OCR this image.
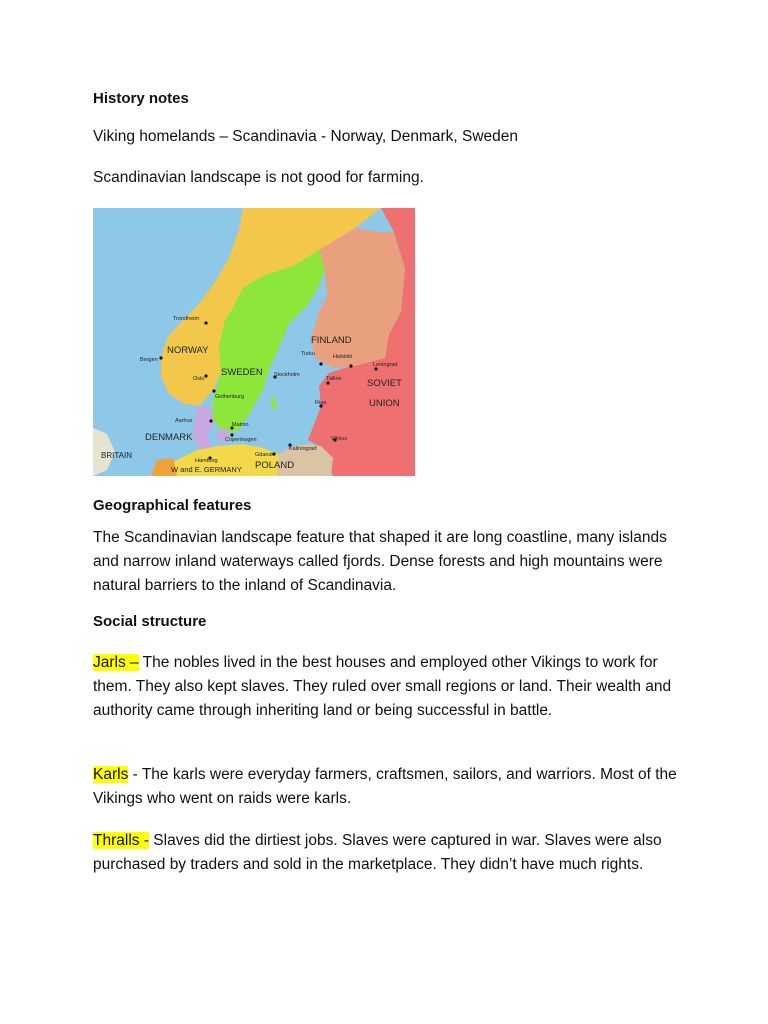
History notes
Viking homelands – Scandinavia - Norway, Denmark, Sweden
Scandinavian landscape is not good for farming.
Trondheim
Bergen
Oslo
Gothenburg
Stockholm
Turku	Helsinki
Leningrad
Tallinn
Riga
Aarhus
Malmo
Copenhagen	Vilnius
Kaliningrad
Gdansk
Hamburg
NORWAY
SWEDEN
FINLAND
SOVIET
UNION
DENMARK
BRITAIN
W and E. GERMANY POLAND
Geographical features
The Scandinavian landscape feature that shaped it are long coastline, many islands and narrow inland waterways called fjords. Dense forests and high mountains were natural barriers to the inland of Scandinavia.
Social structure
Jarls – The nobles lived in the best houses and employed other Vikings to work for them. They also kept slaves. They ruled over small regions or land. Their wealth and authority came through inheriting land or being successful in battle.
Karls - The karls were everyday farmers, craftsmen, sailors, and warriors. Most of the Vikings who went on raids were karls.
Thralls - Slaves did the dirtiest jobs. Slaves were captured in war. Slaves were also purchased by traders and sold in the marketplace. They didn’t have much rights.
